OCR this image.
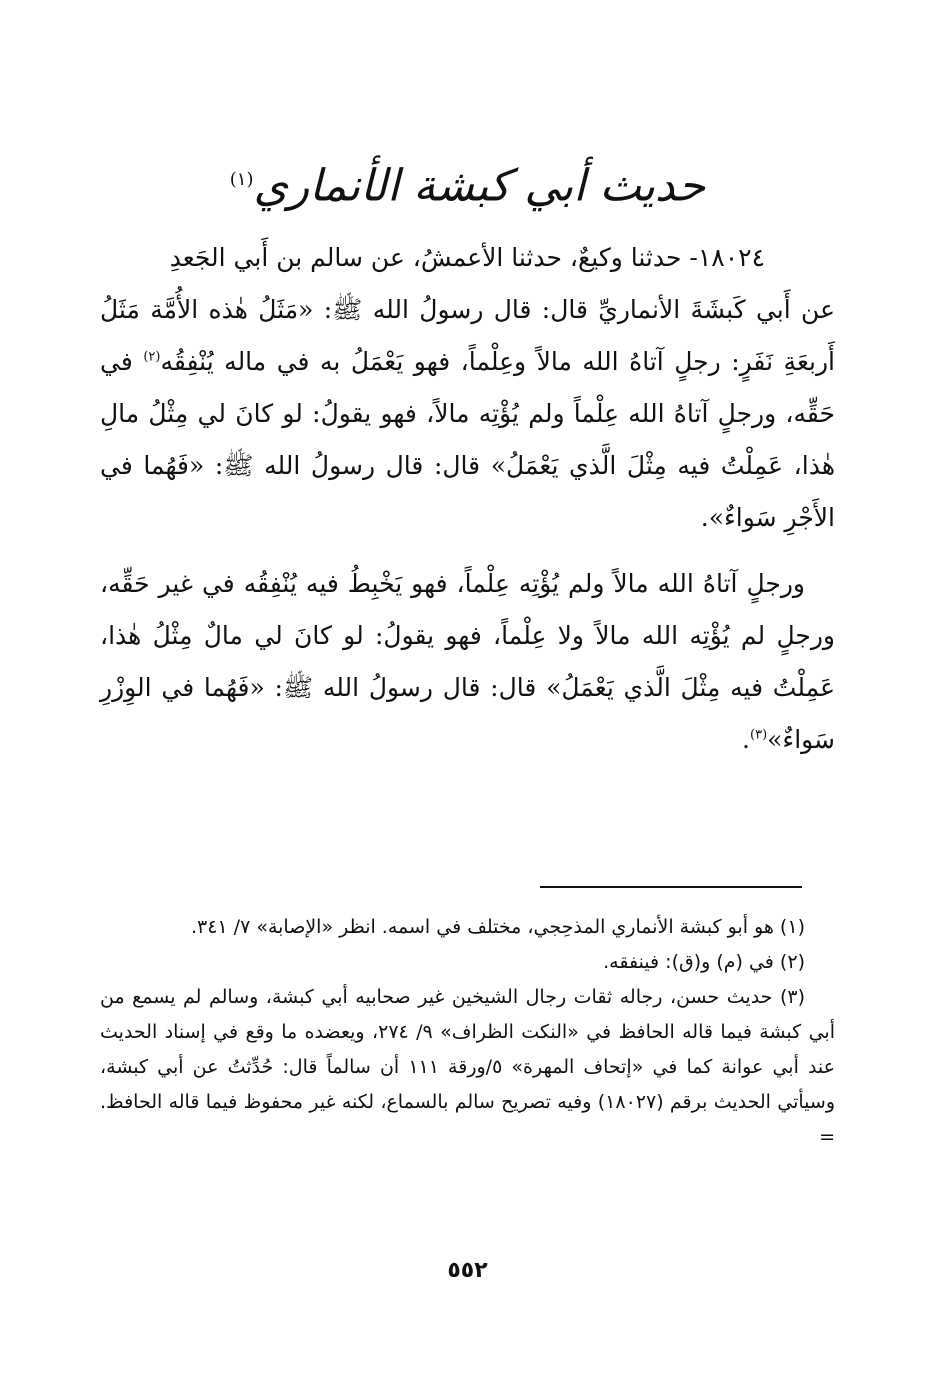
حديث أبي كبشة الأنماري$^{(١)}$

١٨٠٢٤- حدثنا وكيعٌ، حدثنا الأعمشُ، عن سالم بن أَبي الجَعدِ

عن أَبي كَبشَةَ الأنماريِّ قال: قال رسولُ الله ﷺ: «مَثَلُ هٰذه الأُمَّة مَثَلُ أَربعَةِ نَفَرٍ: رجلٍ آتاهُ الله مالاً وعِلْماً، فهو يَعْمَلُ به في ماله يُنْفِقُه$^{(٢)}$ في حَقِّه، ورجلٍ آتاهُ الله عِلْماً ولم يُؤْتِه مالاً، فهو يقولُ: لو كانَ لي مِثْلُ مالِ هٰذا، عَمِلْتُ فيه مِثْلَ الَّذي يَعْمَلُ» قال: قال رسولُ الله ﷺ: «فَهُما في الأَجْرِ سَواءٌ».

ورجلٍ آتاهُ الله مالاً ولم يُؤْتِه عِلْماً، فهو يَخْبِطُ فيه يُنْفِقُه في غير حَقِّه، ورجلٍ لم يُؤْتِه الله مالاً ولا عِلْماً، فهو يقولُ: لو كانَ لي مالٌ مِثْلُ هٰذا، عَمِلْتُ فيه مِثْلَ الَّذي يَعْمَلُ» قال: قال رسولُ الله ﷺ: «فَهُما في الوِزْرِ سَواءٌ»$^{(٣)}$.

(١) هو أبو كبشة الأنماري المذحِجي، مختلف في اسمه. انظر «الإصابة» ٧/ ٣٤١.

(٢) في (م) و(ق): فينفقه.

(٣) حديث حسن، رجاله ثقات رجال الشيخين غير صحابيه أبي كبشة، وسالم لم يسمع من أبي كبشة فيما قاله الحافظ في «النكت الظراف» ٩/ ٢٧٤، ويعضده ما وقع في إسناد الحديث عند أبي عوانة كما في «إتحاف المهرة» ٥/ورقة ١١١ أن سالماً قال: حُدِّثتُ عن أبي كبشة، وسيأتي الحديث برقم (١٨٠٢٧) وفيه تصريح سالم بالسماع، لكنه غير محفوظ فيما قاله الحافظ. =

٥٥٢
